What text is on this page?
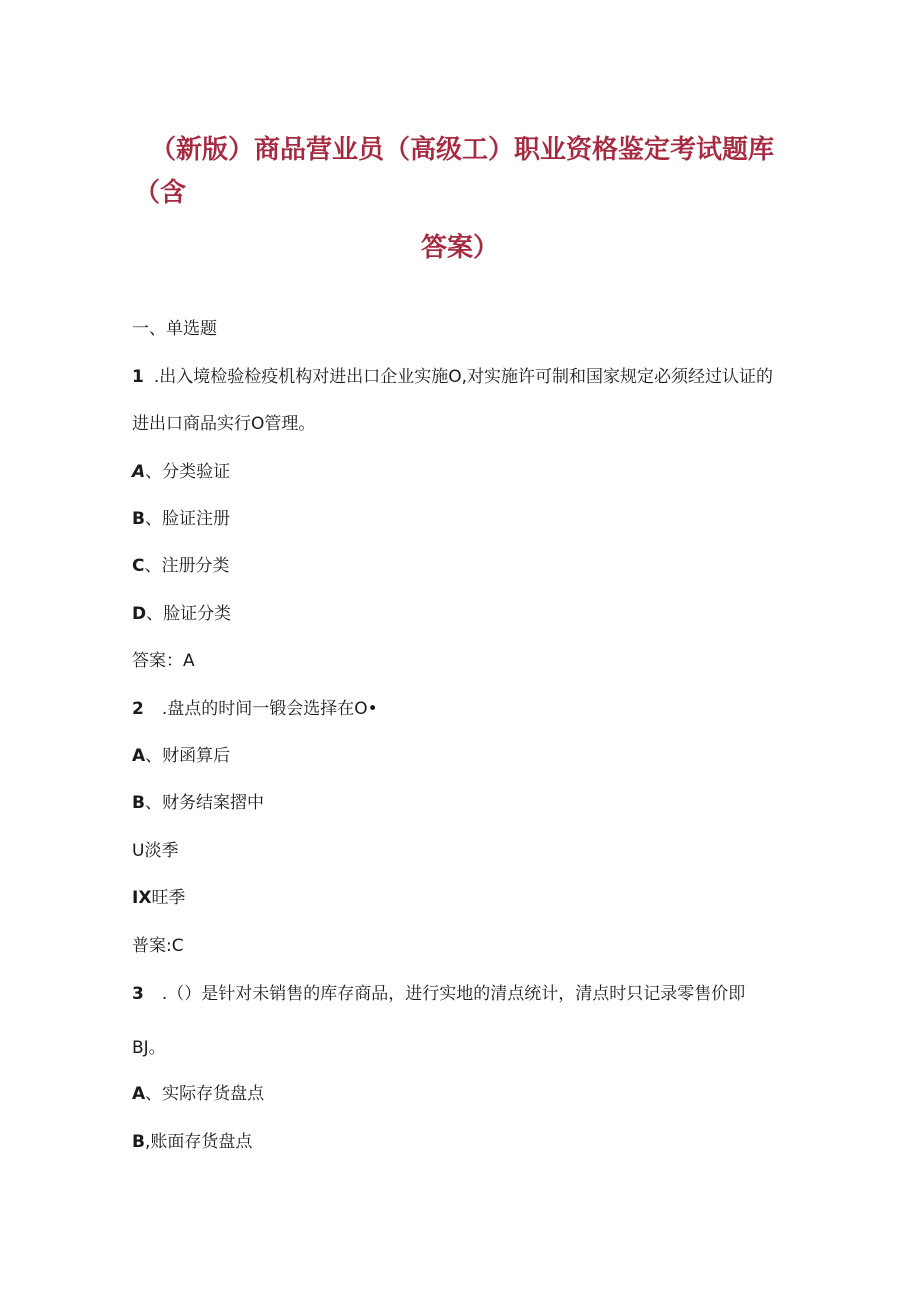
（新版）商品营业员（高级工）职业资格鉴定考试题库
（含
答案）
一、单选题
1 .出入境检验检疫机构对进出口企业实施O,对实施许可制和国家规定必须经过认证的
进出口商品实行O管理。
A、分类验证
B、脸证注册
C、注册分类
D、脸证分类
答案：A
2 .盘点的时间一锻会选择在O•
A、财函算后
B、财务结案摺中
U淡季
IX旺季
普案:C
3 .（）是针对未销售的库存商品，进行实地的清点统计，清点时只记录零售价即
BJ。
A、实际存货盘点
B,账面存货盘点
